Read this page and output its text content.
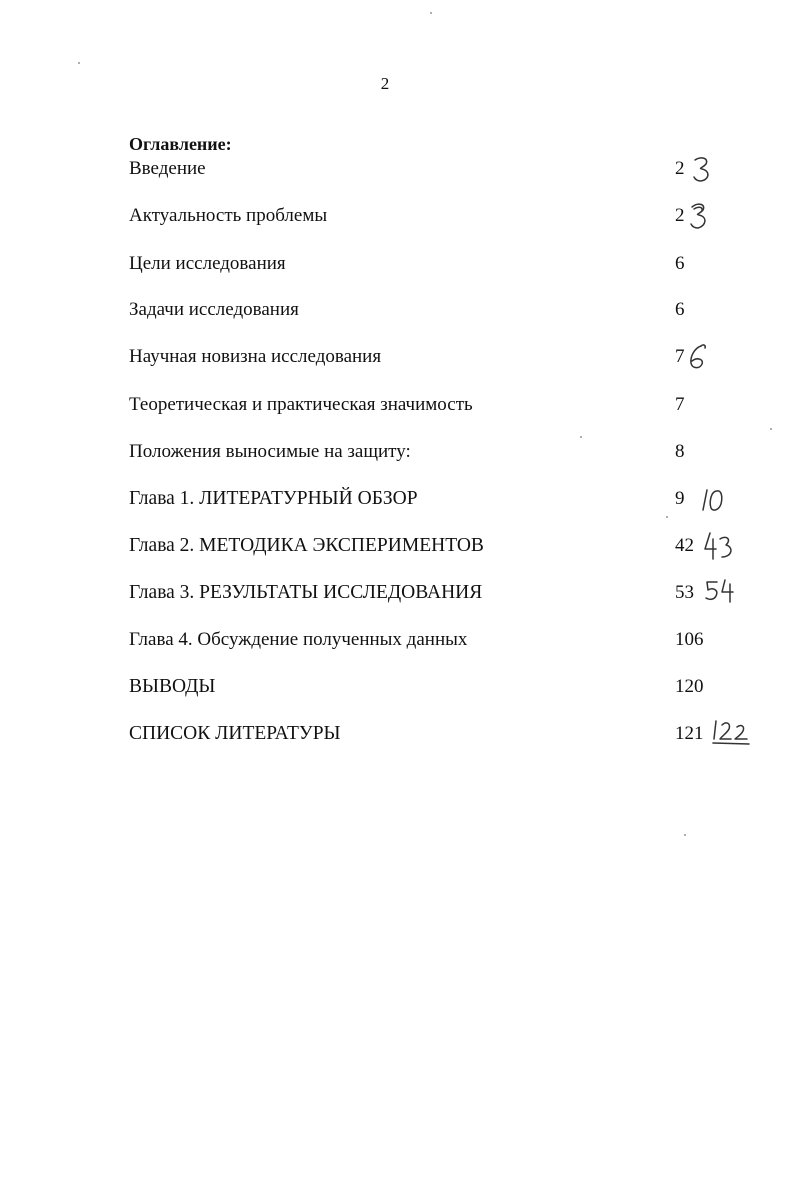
2
Оглавление:
Введение	2
Актуальность проблемы	2
Цели исследования	6
Задачи исследования	6
Научная новизна исследования	7
Теоретическая и практическая значимость	7
Положения выносимые на защиту:	8
Глава 1. ЛИТЕРАТУРНЫЙ ОБЗОР	9
Глава 2. МЕТОДИКА ЭКСПЕРИМЕНТОВ	42
Глава 3. РЕЗУЛЬТАТЫ ИССЛЕДОВАНИЯ	53
Глава 4. Обсуждение полученных данных	106
ВЫВОДЫ	120
СПИСОК ЛИТЕРАТУРЫ	121
